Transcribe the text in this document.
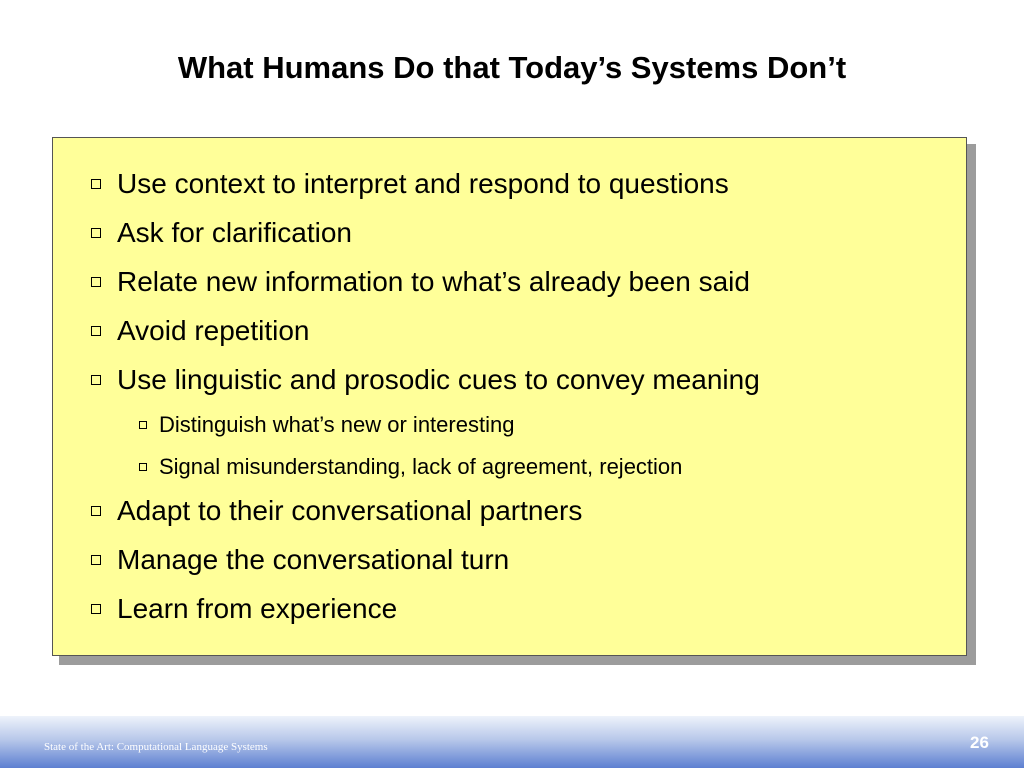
What Humans Do that Today’s Systems Don’t
Use context to interpret and respond to questions
Ask for clarification
Relate new information to what’s already been said
Avoid repetition
Use linguistic and prosodic cues to convey meaning
Distinguish what’s new or interesting
Signal misunderstanding, lack of agreement, rejection
Adapt to their conversational partners
Manage the conversational turn
Learn from experience
State of the Art: Computational Language Systems	26
